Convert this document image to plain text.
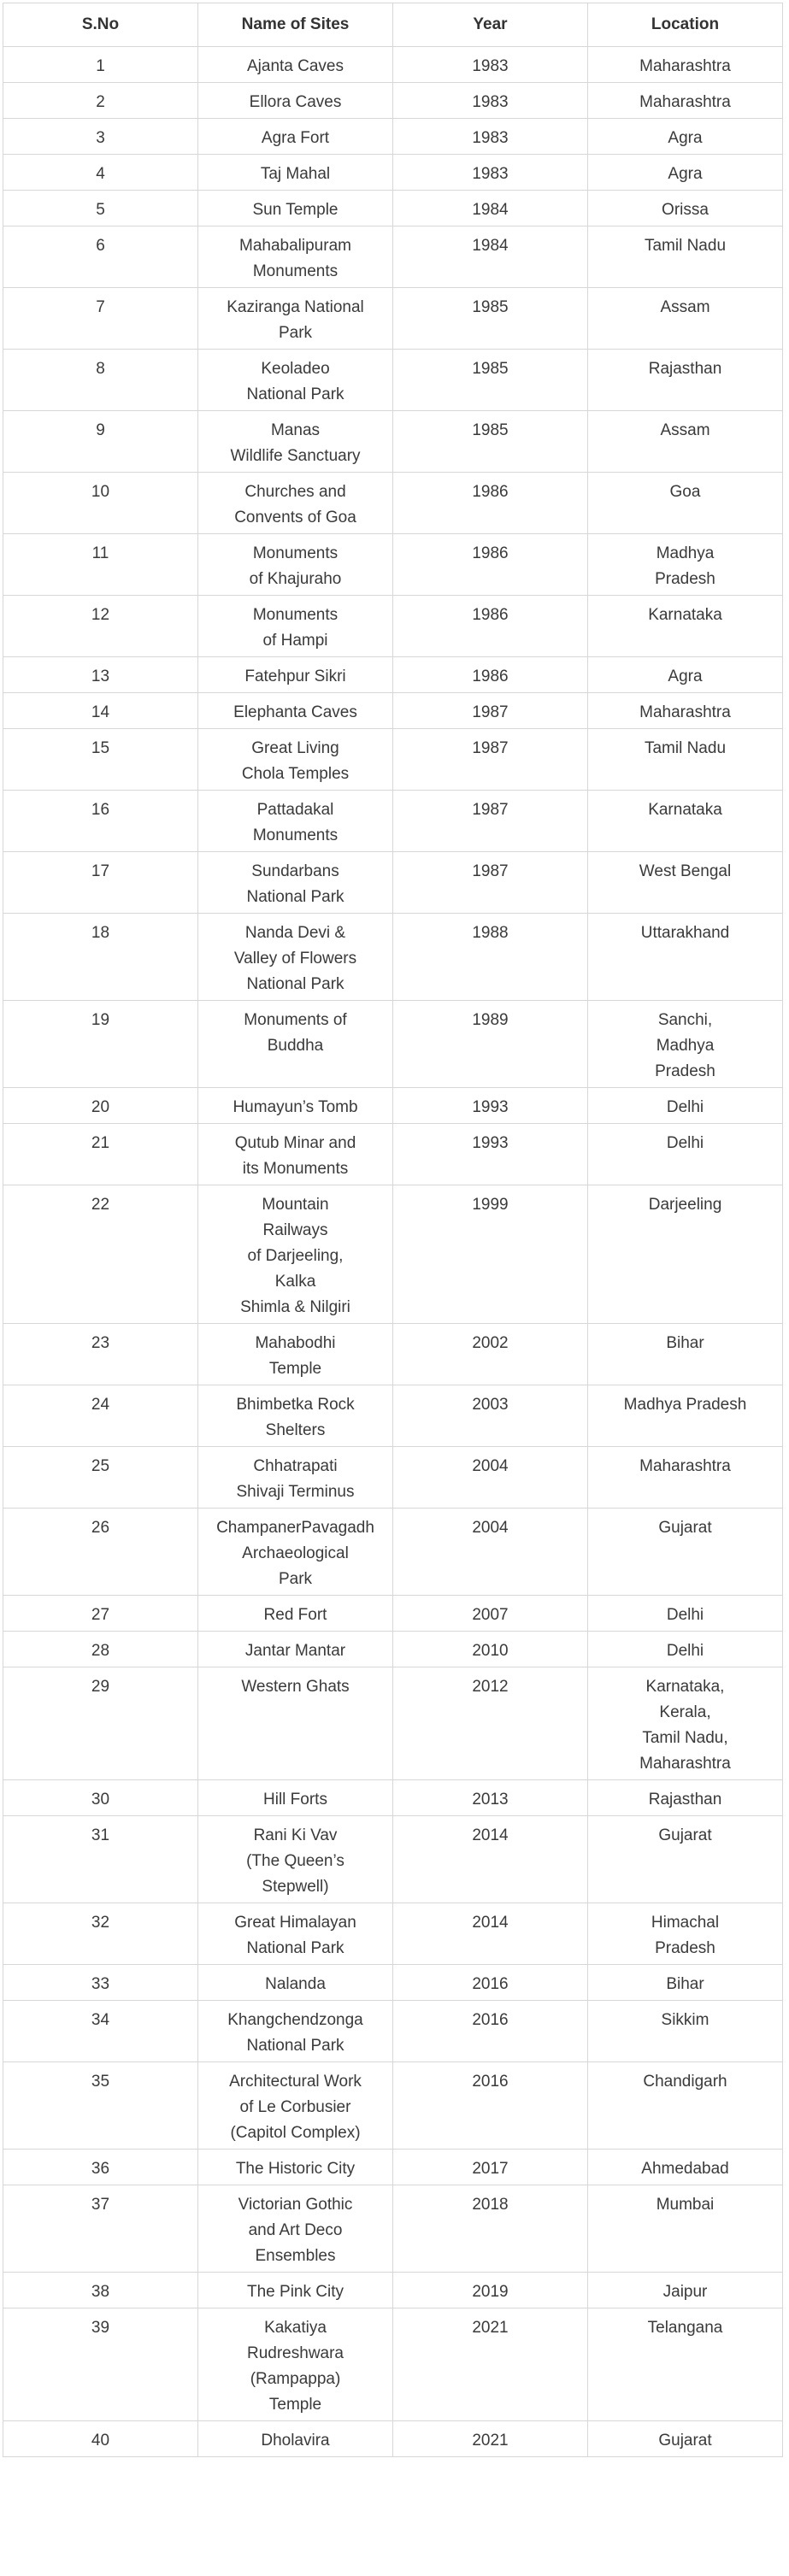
S.No	Name of Sites	Year	Location
1	Ajanta Caves	1983	Maharashtra
2	Ellora Caves	1983	Maharashtra
3	Agra Fort	1983	Agra
4	Taj Mahal	1983	Agra
5	Sun Temple	1984	Orissa
6	Mahabalipuram
Monuments	1984	Tamil Nadu
7	Kaziranga National
Park	1985	Assam
8	Keoladeo
National Park	1985	Rajasthan
9	Manas
Wildlife Sanctuary	1985	Assam
10	Churches and
Convents of Goa	1986	Goa
11	Monuments
of Khajuraho	1986	Madhya
Pradesh
12	Monuments
of Hampi	1986	Karnataka
13	Fatehpur Sikri	1986	Agra
14	Elephanta Caves	1987	Maharashtra
15	Great Living
Chola Temples	1987	Tamil Nadu
16	Pattadakal
Monuments	1987	Karnataka
17	Sundarbans
National Park	1987	West Bengal
18	Nanda Devi &
Valley of Flowers
National Park	1988	Uttarakhand
19	Monuments of
Buddha	1989	Sanchi,
Madhya
Pradesh
20	Humayun’s Tomb	1993	Delhi
21	Qutub Minar and
its Monuments	1993	Delhi
22	Mountain
Railways
of Darjeeling,
Kalka
Shimla & Nilgiri	1999	Darjeeling
23	Mahabodhi
Temple	2002	Bihar
24	Bhimbetka Rock
Shelters	2003	Madhya Pradesh
25	Chhatrapati
Shivaji Terminus	2004	Maharashtra
26	ChampanerPavagadh
Archaeological
Park	2004	Gujarat
27	Red Fort	2007	Delhi
28	Jantar Mantar	2010	Delhi
29	Western Ghats	2012	Karnataka,
Kerala,
Tamil Nadu,
Maharashtra
30	Hill Forts	2013	Rajasthan
31	Rani Ki Vav
(The Queen’s
Stepwell)	2014	Gujarat
32	Great Himalayan
National Park	2014	Himachal
Pradesh
33	Nalanda	2016	Bihar
34	Khangchendzonga
National Park	2016	Sikkim
35	Architectural Work
of Le Corbusier
(Capitol Complex)	2016	Chandigarh
36	The Historic City	2017	Ahmedabad
37	Victorian Gothic
and Art Deco
Ensembles	2018	Mumbai
38	The Pink City	2019	Jaipur
39	Kakatiya
Rudreshwara
(Rampappa)
Temple	2021	Telangana
40	Dholavira	2021	Gujarat
